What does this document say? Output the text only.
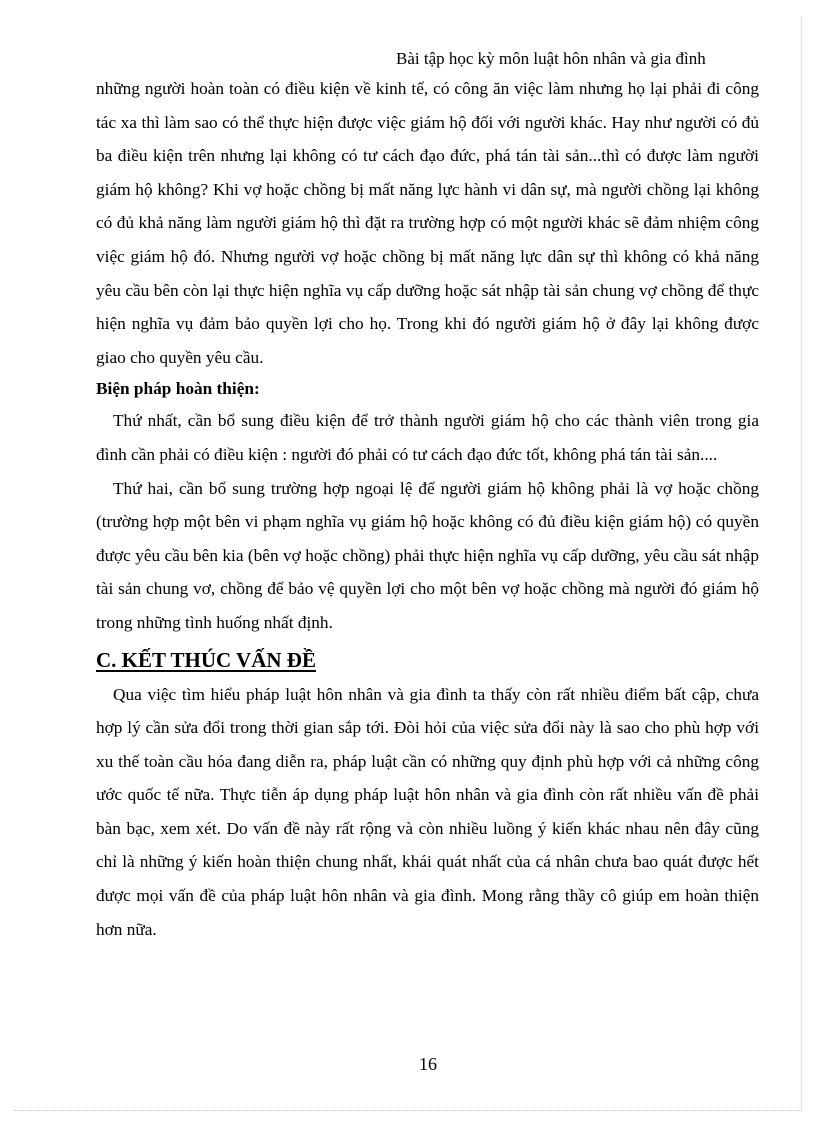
Bài tập học kỳ môn luật hôn nhân và gia đình

những người hoàn toàn có điều kiện về kinh tế, có công ăn việc làm nhưng họ lại phải đi công tác xa thì làm sao có thể thực hiện được việc giám hộ đối với người khác. Hay như người có đủ ba điều kiện trên nhưng lại không có tư cách đạo đức, phá tán tài sản...thì có được làm người giám hộ không? Khi vợ hoặc chồng bị mất năng lực hành vi dân sự, mà người chồng lại không có đủ khả năng làm người giám hộ thì đặt ra trường hợp có một người khác sẽ đảm nhiệm công việc giám hộ đó. Nhưng người vợ hoặc chồng bị mất năng lực dân sự thì không có khả năng yêu cầu bên còn lại thực hiện nghĩa vụ cấp dưỡng hoặc sát nhập tài sản chung vợ chồng để thực hiện nghĩa vụ đảm bảo quyền lợi cho họ. Trong khi đó người giám hộ ở đây lại không được giao cho quyền yêu cầu.

Biện pháp hoàn thiện:

Thứ nhất, cần bổ sung điều kiện để trở thành người giám hộ cho các thành viên trong gia đình cần phải có điều kiện : người đó phải có tư cách đạo đức tốt, không phá tán tài sản....

Thứ hai, cần bổ sung trường hợp ngoại lệ để người giám hộ không phải là vợ hoặc chồng (trường hợp một bên vi phạm nghĩa vụ giám hộ hoặc không có đủ điều kiện giám hộ) có quyền được yêu cầu bên kia (bên vợ hoặc chồng) phải thực hiện nghĩa vụ cấp dưỡng, yêu cầu sát nhập tài sản chung vơ, chồng để bảo vệ quyền lợi cho một bên vợ hoặc chồng mà người đó giám hộ trong những tình huống nhất định.

C. KẾT THÚC VẤN ĐỀ

Qua việc tìm hiểu pháp luật hôn nhân và gia đình ta thấy còn rất nhiều điểm bất cập, chưa hợp lý cần sửa đổi trong thời gian sắp tới. Đòi hỏi của việc sửa đổi này là sao cho phù hợp với xu thế toàn cầu hóa đang diễn ra, pháp luật cần có những quy định phù hợp với cả những công ước quốc tế nữa. Thực tiễn áp dụng pháp luật hôn nhân và gia đình còn rất nhiều vấn đề phải bàn bạc, xem xét. Do vấn đề này rất rộng và còn nhiều luồng ý kiến khác nhau nên đây cũng chỉ là những ý kiến hoàn thiện chung nhất, khái quát nhất của cá nhân chưa bao quát được hết được mọi vấn đề của pháp luật hôn nhân và gia đình. Mong rằng thầy cô giúp em hoàn thiện hơn nữa.

16
